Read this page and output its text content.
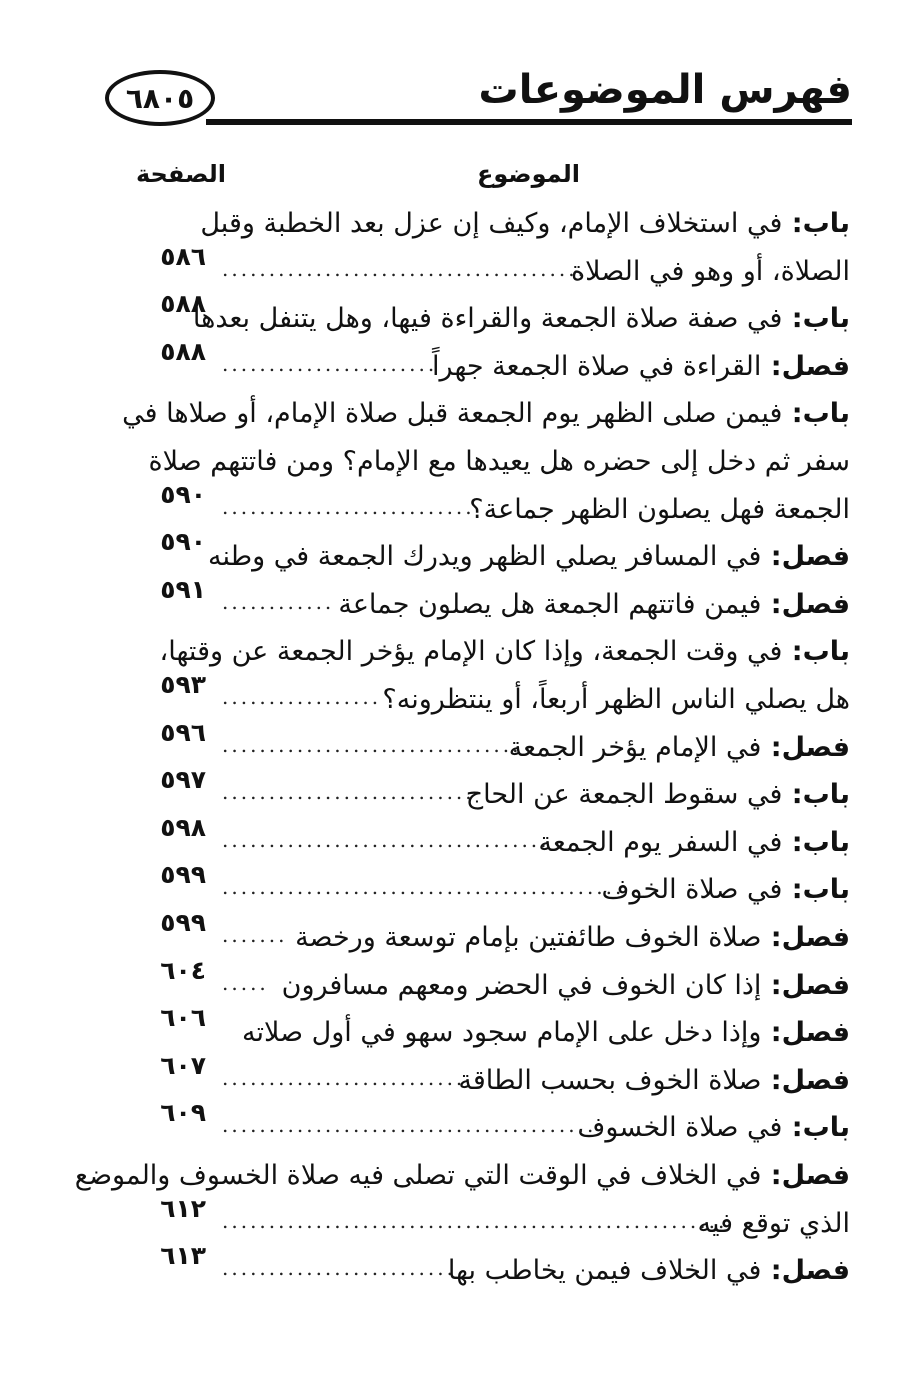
فهرس الموضوعات
٦٨٠٥
الموضوع
الصفحة
باب: في استخلاف الإمام، وكيف إن عزل بعد الخطبة وقبل
الصلاة، أو وهو في الصلاة
.......................................
باب: في صفة صلاة الجمعة والقراءة فيها، وهل يتنفل بعدها
فصل: القراءة في صلاة الجمعة جهراً
.......................
باب: فيمن صلى الظهر يوم الجمعة قبل صلاة الإمام، أو صلاها في
سفر ثم دخل إلى حضره هل يعيدها مع الإمام؟ ومن فاتتهم صلاة
الجمعة فهل يصلون الظهر جماعة؟
...........................
فصل: في المسافر يصلي الظهر ويدرك الجمعة في وطنه
فصل: فيمن فاتتهم الجمعة هل يصلون جماعة
............
باب: في وقت الجمعة، وإذا كان الإمام يؤخر الجمعة عن وقتها،
هل يصلي الناس الظهر أربعاً، أو ينتظرونه؟
.................
فصل: في الإمام يؤخر الجمعة
................................
باب: في سقوط الجمعة عن الحاج
...........................
باب: في السفر يوم الجمعة
...................................
باب: في صلاة الخوف
...........................................
فصل: صلاة الخوف طائفتين بإمام توسعة ورخصة
.......
فصل: إذا كان الخوف في الحضر ومعهم مسافرون
.....
فصل: وإذا دخل على الإمام سجود سهو في أول صلاته
فصل: صلاة الخوف بحسب الطاقة
..........................
باب: في صلاة الخسوف
........................................
فصل: في الخلاف في الوقت التي تصلى فيه صلاة الخسوف والموضع
الذي توقع فيه
......................................................
فصل: في الخلاف فيمن يخاطب بها
.........................
٥٨٦
٥٨٨
٥٨٨
٥٩٠
٥٩٠
٥٩١
٥٩٣
٥٩٦
٥٩٧
٥٩٨
٥٩٩
٥٩٩
٦٠٤
٦٠٦
٦٠٧
٦٠٩
٦١٢
٦١٣
